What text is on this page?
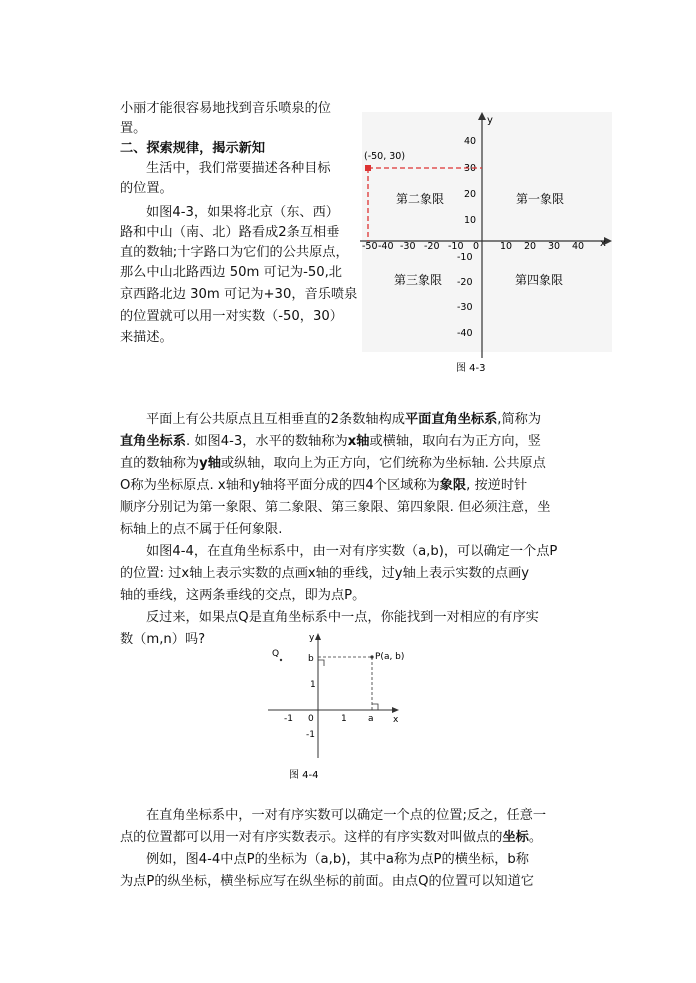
小丽才能很容易地找到音乐喷泉的位
置。
二、探索规律，揭示新知
生活中，我们常要描述各种目标
的位置。
如图4-3，如果将北京（东、西）
路和中山（南、北）路看成2条互相垂
直的数轴;十字路口为它们的公共原点，
那么中山北路西边 50m 可记为-50,北
京西路北边 30m 可记为+30，音乐喷泉
的位置就可以用一对实数（-50，30）
来描述。
y
x
-50 -40 -30 -20 -10 0 10 20 30 40
40
30
20
10
-10
-20
-30
-40
(-50, 30)
第二象限	第一象限
第三象限	第四象限
图 4-3
平面上有公共原点且互相垂直的2条数轴构成平面直角坐标系,简称为
直角坐标系. 如图4-3，水平的数轴称为x轴或横轴，取向右为正方向，竖
直的数轴称为y轴或纵轴，取向上为正方向，它们统称为坐标轴. 公共原点
O称为坐标原点. x轴和y轴将平面分成的四4个区域称为象限, 按逆时针
顺序分别记为第一象限、第二象限、第三象限、第四象限. 但必须注意，坐
标轴上的点不属于任何象限.
如图4-4，在直角坐标系中，由一对有序实数（a,b)，可以确定一个点P
的位置: 过x轴上表示实数的点画x轴的垂线，过y轴上表示实数的点画y
轴的垂线，这两条垂线的交点，即为点P。
反过来，如果点Q是直角坐标系中一点，你能找到一对相应的有序实
数（m,n）吗?	y
x
P(a, b)
Q	b
1
-1
-1	1
0	a
图 4-4
在直角坐标系中，一对有序实数可以确定一个点的位置;反之，任意一
点的位置都可以用一对有序实数表示。这样的有序实数对叫做点的坐标。
例如，图4-4中点P的坐标为（a,b)，其中a称为点P的横坐标，b称
为点P的纵坐标，横坐标应写在纵坐标的前面。由点Q的位置可以知道它
